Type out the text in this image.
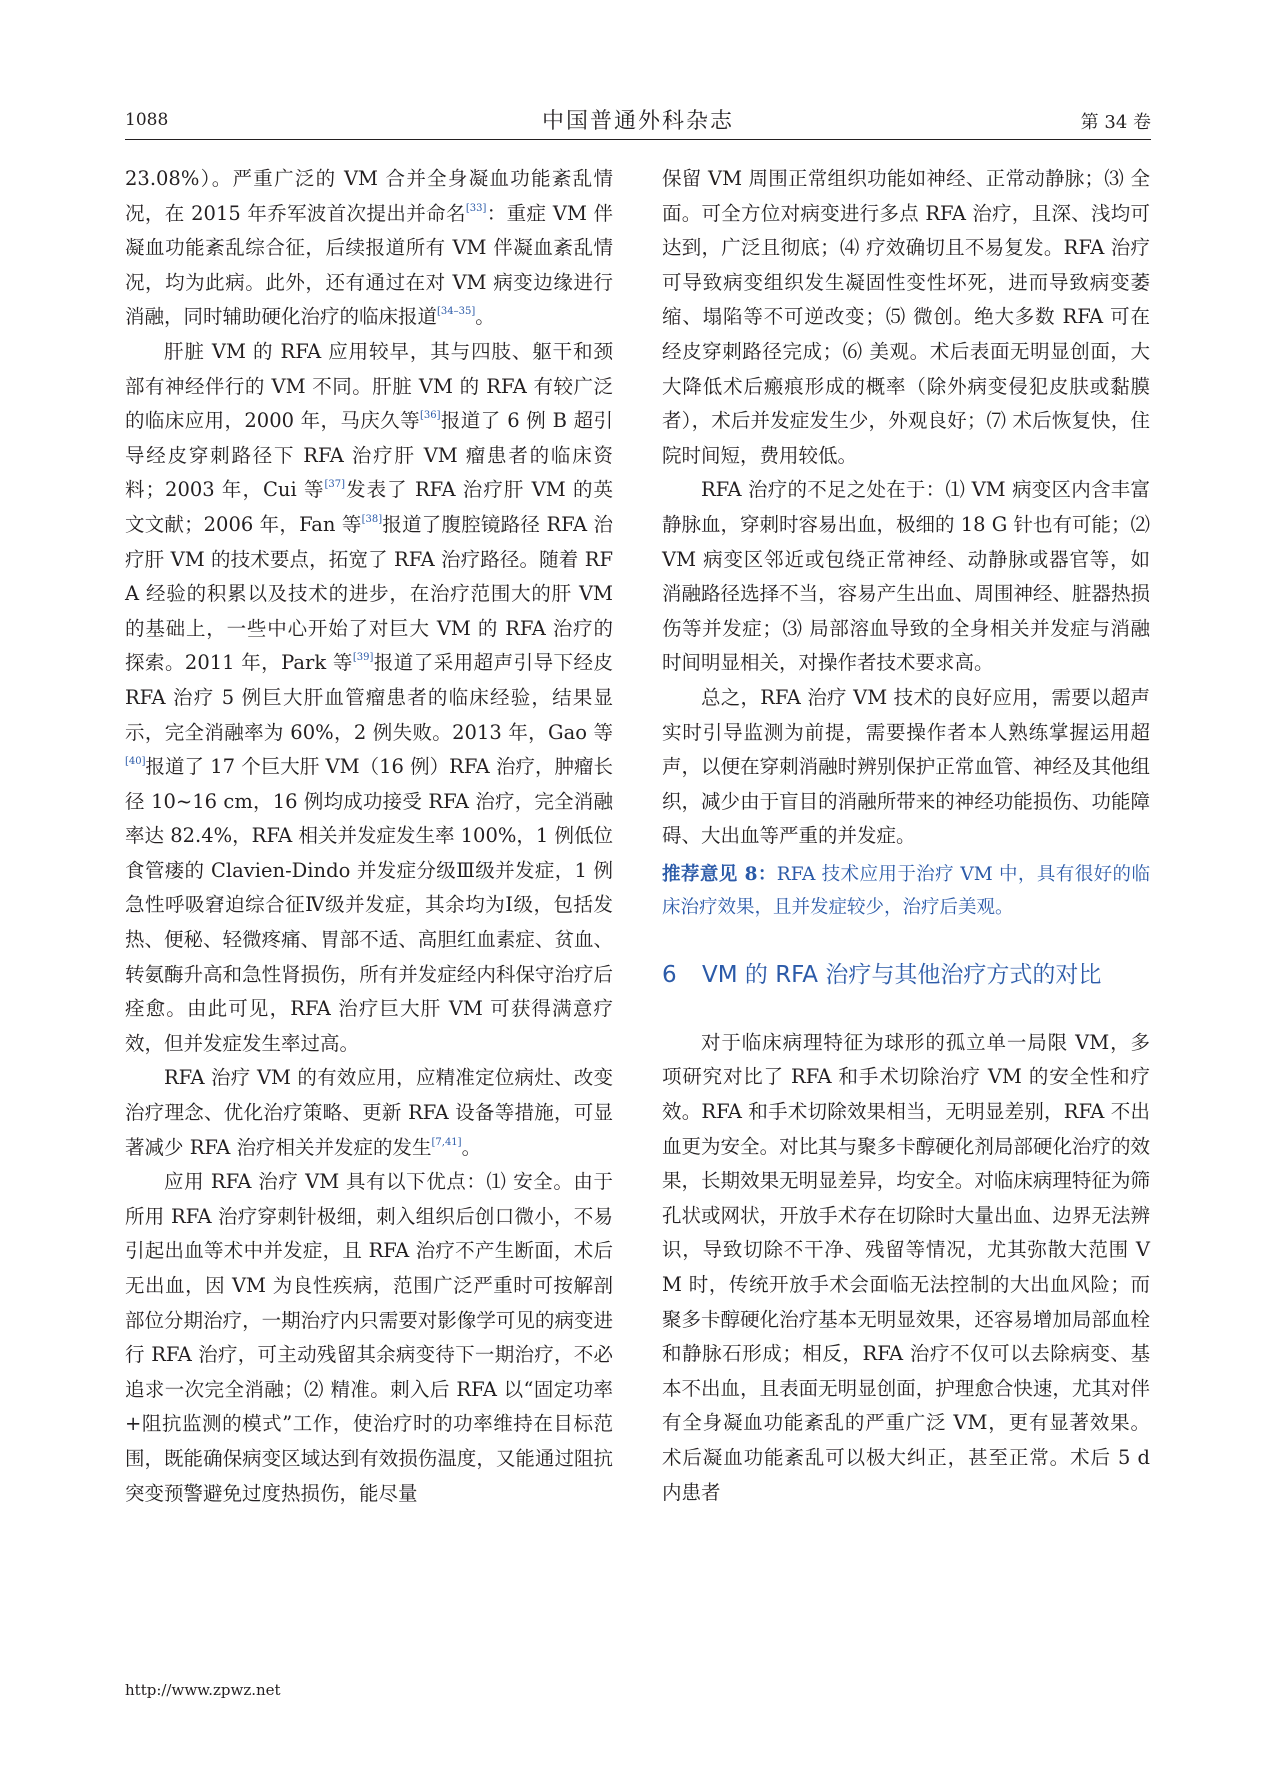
1088	中国普通外科杂志	第 34 卷

23.08%）。严重广泛的 VM 合并全身凝血功能紊乱情况，在 2015 年乔军波首次提出并命名[33]：重症 VM 伴凝血功能紊乱综合征，后续报道所有 VM 伴凝血紊乱情况，均为此病。此外，还有通过在对 VM 病变边缘进行消融，同时辅助硬化治疗的临床报道[34–35]。

肝脏 VM 的 RFA 应用较早，其与四肢、躯干和颈部有神经伴行的 VM 不同。肝脏 VM 的 RFA 有较广泛的临床应用，2000 年，马庆久等[36]报道了 6 例 B 超引导经皮穿刺路径下 RFA 治疗肝 VM 瘤患者的临床资料；2003 年，Cui 等[37]发表了 RFA 治疗肝 VM 的英文文献；2006 年，Fan 等[38]报道了腹腔镜路径 RFA 治疗肝 VM 的技术要点，拓宽了 RFA 治疗路径。随着 RFA 经验的积累以及技术的进步，在治疗范围大的肝 VM 的基础上，一些中心开始了对巨大 VM 的 RFA 治疗的探索。2011 年，Park 等[39]报道了采用超声引导下经皮 RFA 治疗 5 例巨大肝血管瘤患者的临床经验，结果显示，完全消融率为 60%，2 例失败。2013 年，Gao 等[40]报道了 17 个巨大肝 VM（16 例）RFA 治疗，肿瘤长径 10~16 cm，16 例均成功接受 RFA 治疗，完全消融率达 82.4%，RFA 相关并发症发生率 100%，1 例低位食管瘘的 Clavien-Dindo 并发症分级Ⅲ级并发症，1 例急性呼吸窘迫综合征Ⅳ级并发症，其余均为Ⅰ级，包括发热、便秘、轻微疼痛、胃部不适、高胆红血素症、贫血、转氨酶升高和急性肾损伤，所有并发症经内科保守治疗后痊愈。由此可见，RFA 治疗巨大肝 VM 可获得满意疗效，但并发症发生率过高。

RFA 治疗 VM 的有效应用，应精准定位病灶、改变治疗理念、优化治疗策略、更新 RFA 设备等措施，可显著减少 RFA 治疗相关并发症的发生[7,41]。

应用 RFA 治疗 VM 具有以下优点：⑴ 安全。由于所用 RFA 治疗穿刺针极细，刺入组织后创口微小，不易引起出血等术中并发症，且 RFA 治疗不产生断面，术后无出血，因 VM 为良性疾病，范围广泛严重时可按解剖部位分期治疗，一期治疗内只需要对影像学可见的病变进行 RFA 治疗，可主动残留其余病变待下一期治疗，不必追求一次完全消融；⑵ 精准。刺入后 RFA 以“固定功率+阻抗监测的模式”工作，使治疗时的功率维持在目标范围，既能确保病变区域达到有效损伤温度，又能通过阻抗突变预警避免过度热损伤，能尽量

保留 VM 周围正常组织功能如神经、正常动静脉；⑶ 全面。可全方位对病变进行多点 RFA 治疗，且深、浅均可达到，广泛且彻底；⑷ 疗效确切且不易复发。RFA 治疗可导致病变组织发生凝固性变性坏死，进而导致病变萎缩、塌陷等不可逆改变；⑸ 微创。绝大多数 RFA 可在经皮穿刺路径完成；⑹ 美观。术后表面无明显创面，大大降低术后瘢痕形成的概率（除外病变侵犯皮肤或黏膜者），术后并发症发生少，外观良好；⑺ 术后恢复快，住院时间短，费用较低。

RFA 治疗的不足之处在于：⑴ VM 病变区内含丰富静脉血，穿刺时容易出血，极细的 18 G 针也有可能；⑵ VM 病变区邻近或包绕正常神经、动静脉或器官等，如消融路径选择不当，容易产生出血、周围神经、脏器热损伤等并发症；⑶ 局部溶血导致的全身相关并发症与消融时间明显相关，对操作者技术要求高。

总之，RFA 治疗 VM 技术的良好应用，需要以超声实时引导监测为前提，需要操作者本人熟练掌握运用超声，以便在穿刺消融时辨别保护正常血管、神经及其他组织，减少由于盲目的消融所带来的神经功能损伤、功能障碍、大出血等严重的并发症。

推荐意见 8：RFA 技术应用于治疗 VM 中，具有很好的临床治疗效果，且并发症较少，治疗后美观。

6 VM 的 RFA 治疗与其他治疗方式的对比

对于临床病理特征为球形的孤立单一局限 VM，多项研究对比了 RFA 和手术切除治疗 VM 的安全性和疗效。RFA 和手术切除效果相当，无明显差别，RFA 不出血更为安全。对比其与聚多卡醇硬化剂局部硬化治疗的效果，长期效果无明显差异，均安全。对临床病理特征为筛孔状或网状，开放手术存在切除时大量出血、边界无法辨识，导致切除不干净、残留等情况，尤其弥散大范围 VM 时，传统开放手术会面临无法控制的大出血风险；而聚多卡醇硬化治疗基本无明显效果，还容易增加局部血栓和静脉石形成；相反，RFA 治疗不仅可以去除病变、基本不出血，且表面无明显创面，护理愈合快速，尤其对伴有全身凝血功能紊乱的严重广泛 VM，更有显著效果。术后凝血功能紊乱可以极大纠正，甚至正常。术后 5 d 内患者

http://www.zpwz.net
